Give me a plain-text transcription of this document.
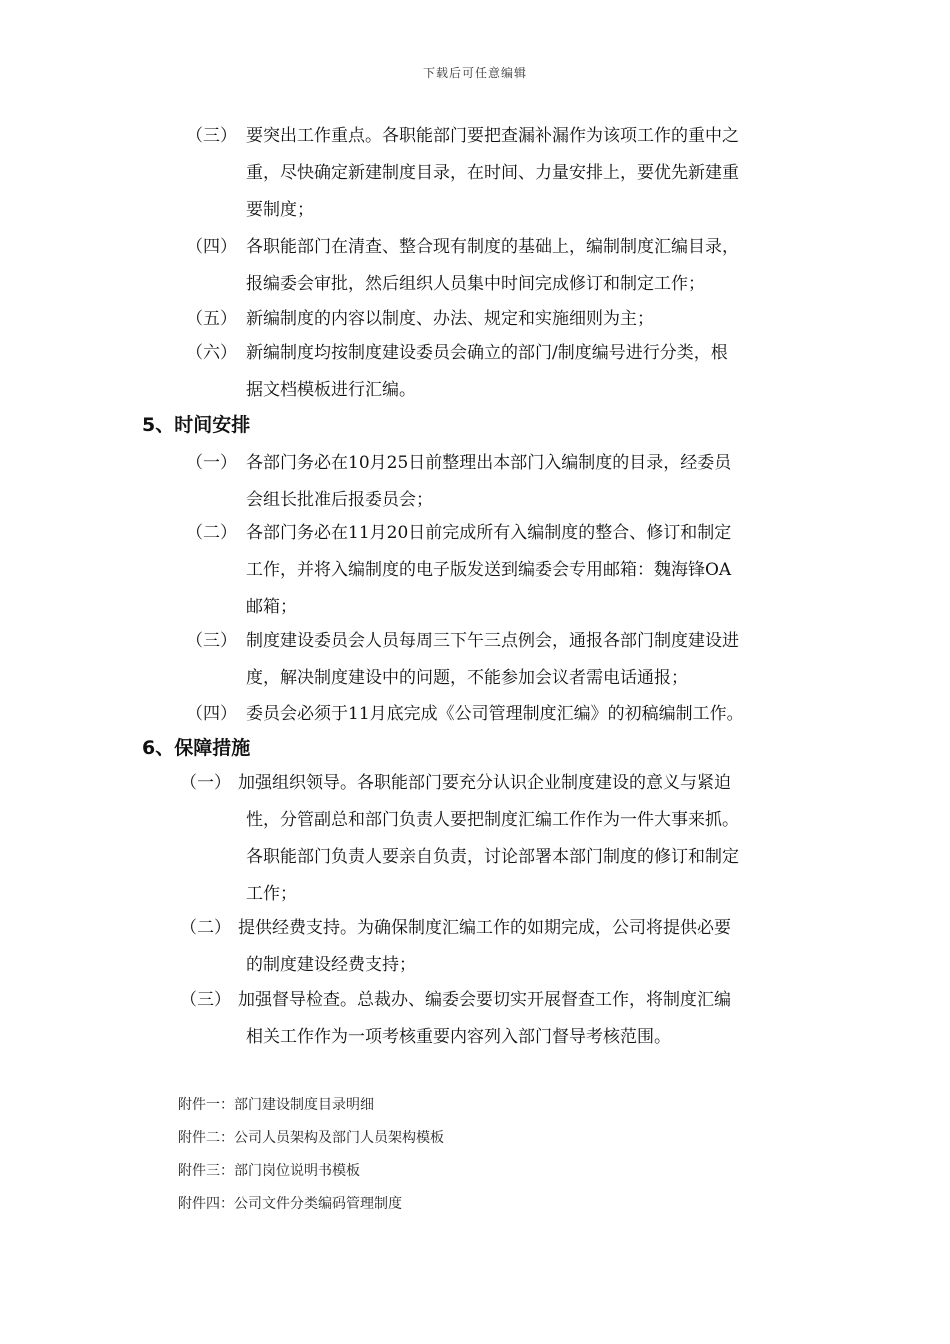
下载后可任意编辑
（三） 要突出工作重点。各职能部门要把查漏补漏作为该项工作的重中之
重，尽快确定新建制度目录，在时间、力量安排上，要优先新建重
要制度；
（四） 各职能部门在清查、整合现有制度的基础上，编制制度汇编目录，
报编委会审批，然后组织人员集中时间完成修订和制定工作；
（五） 新编制度的内容以制度、办法、规定和实施细则为主；
（六） 新编制度均按制度建设委员会确立的部门/制度编号进行分类，根
据文档模板进行汇编。
5、时间安排
（一） 各部门务必在10月25日前整理出本部门入编制度的目录，经委员
会组长批准后报委员会；
（二） 各部门务必在11月20日前完成所有入编制度的整合、修订和制定
工作，并将入编制度的电子版发送到编委会专用邮箱：魏海锋OA
邮箱；
（三） 制度建设委员会人员每周三下午三点例会，通报各部门制度建设进
度，解决制度建设中的问题，不能参加会议者需电话通报；
（四） 委员会必须于11月底完成《公司管理制度汇编》的初稿编制工作。
6、保障措施
（一） 加强组织领导。各职能部门要充分认识企业制度建设的意义与紧迫
性，分管副总和部门负责人要把制度汇编工作作为一件大事来抓。
各职能部门负责人要亲自负责，讨论部署本部门制度的修订和制定
工作；
（二） 提供经费支持。为确保制度汇编工作的如期完成，公司将提供必要
的制度建设经费支持；
（三） 加强督导检查。总裁办、编委会要切实开展督查工作，将制度汇编
相关工作作为一项考核重要内容列入部门督导考核范围。
附件一：部门建设制度目录明细
附件二：公司人员架构及部门人员架构模板
附件三：部门岗位说明书模板
附件四：公司文件分类编码管理制度
